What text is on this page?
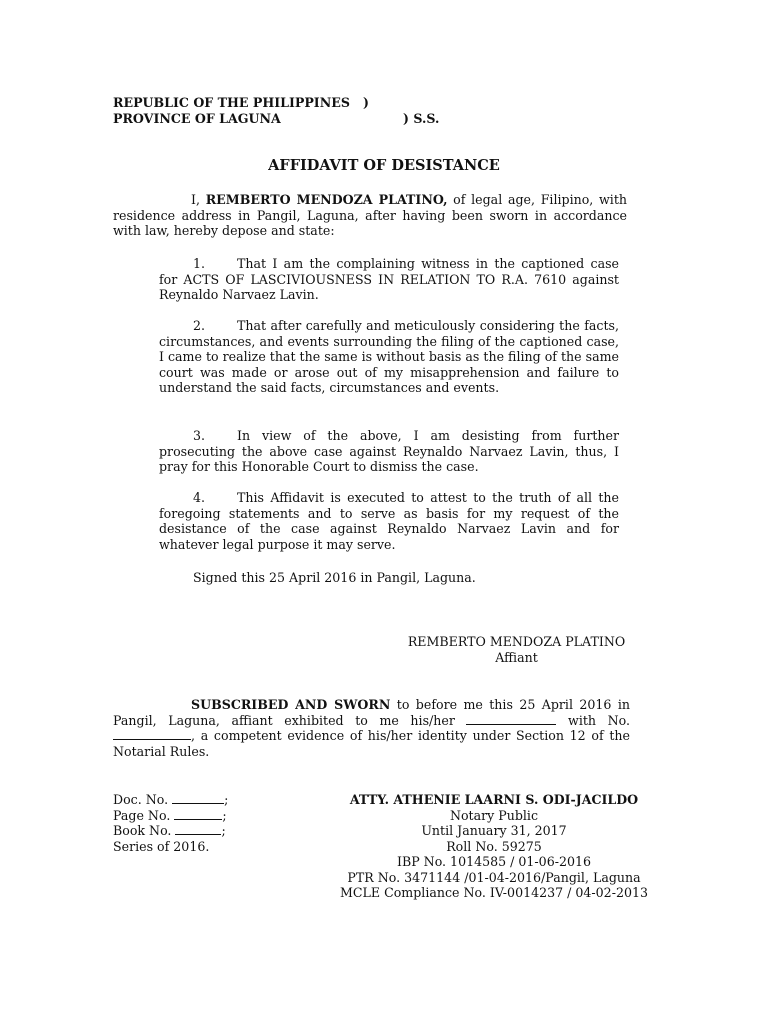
REPUBLIC OF THE PHILIPPINES )
PROVINCE OF LAGUNA	) S.S.
AFFIDAVIT OF DESISTANCE
I, REMBERTO MENDOZA PLATINO, of legal age, Filipino, with residence address in Pangil, Laguna, after having been sworn in accordance with law, hereby depose and state:
1.	That I am the complaining witness in the captioned case for ACTS OF LASCIVIOUSNESS IN RELATION TO R.A. 7610 against Reynaldo Narvaez Lavin.
2.	That after carefully and meticulously considering the facts, circumstances, and events surrounding the filing of the captioned case, I came to realize that the same is without basis as the filing of the same court was made or arose out of my misapprehension and failure to understand the said facts, circumstances and events.
3.	In view of the above, I am desisting from further prosecuting the above case against Reynaldo Narvaez Lavin, thus, I pray for this Honorable Court to dismiss the case.
4.	This Affidavit is executed to attest to the truth of all the foregoing statements and to serve as basis for my request of the desistance of the case against Reynaldo Narvaez Lavin and for whatever legal purpose it may serve.
Signed this 25 April 2016 in Pangil, Laguna.
REMBERTO MENDOZA PLATINO
Affiant
SUBSCRIBED AND SWORN to before me this 25 April 2016 in Pangil, Laguna, affiant exhibited to me his/her	with No. , a competent evidence of his/her identity under Section 12 of the Notarial Rules.
Doc. No.	;
Page No.	;
Book No.	;
Series of 2016.
ATTY. ATHENIE LAARNI S. ODI-JACILDO
Notary Public
Until January 31, 2017
Roll No. 59275
IBP No. 1014585 / 01-06-2016
PTR No. 3471144 /01-04-2016/Pangil, Laguna
MCLE Compliance No. IV-0014237 / 04-02-2013
